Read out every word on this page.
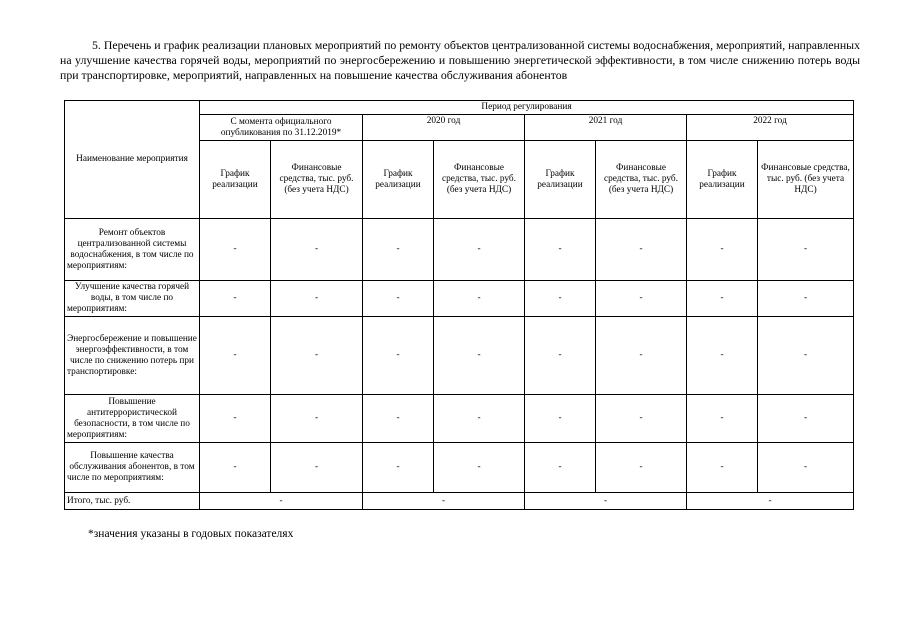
5. Перечень и график реализации плановых мероприятий по ремонту объектов централизованной системы водоснабжения, мероприятий, направленных на улучшение качества горячей воды, мероприятий по энергосбережению и повышению энергетической эффективности, в том числе снижению потерь воды при транспортировке, мероприятий, направленных на повышение качества обслуживания абонентов
Наименование мероприятия	Период регулирования							
	С момента официального опубликования по 31.12.2019*		2020 год		2021 год		2022 год	
	График реализации	Финансовые средства, тыс. руб. (без учета НДС)	График реализации	Финансовые средства, тыс. руб. (без учета НДС)	График реализации	Финансовые средства, тыс. руб. (без учета НДС)	График реализации	Финансовые средства, тыс. руб. (без учета НДС)
Ремонт объектов централизованной системы водоснабжения, в том числе по мероприятиям:	-	-	-	-	-	-	-	-
Улучшение качества горячей воды, в том числе по мероприятиям:	-	-	-	-	-	-	-	-
Энергосбережение и повышение энергоэффективности, в том числе по снижению потерь при транспортировке:	-	-	-	-	-	-	-	-
Повышение антитеррористической безопасности, в том числе по мероприятиям:	-	-	-	-	-	-	-	-
Повышение качества обслуживания абонентов, в том числе по мероприятиям:	-	-	-	-	-	-	-	-
Итого, тыс. руб.	-		-		-		-	
*значения указаны в годовых показателях
